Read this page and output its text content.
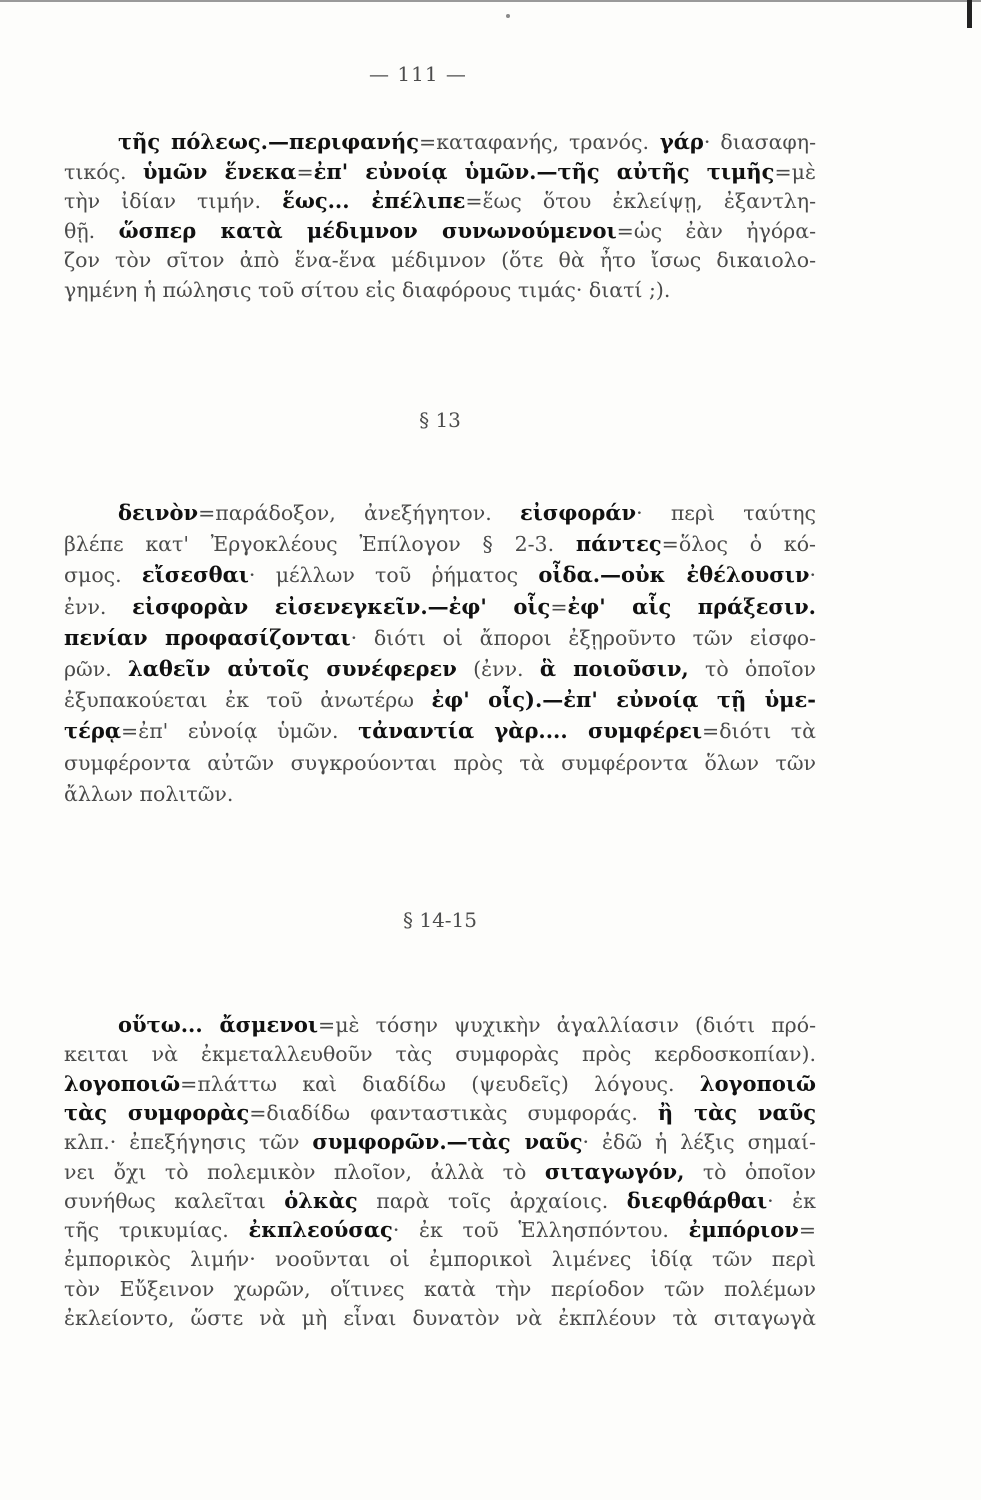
— 111 —
τῆς πόλεως.—περιφανής=καταφανής, τρανός. γάρ· διασαφη-
τικός. ὑμῶν ἕνεκα=ἐπ' εὐνοίᾳ ὑμῶν.—τῆς αὐτῆς τιμῆς=μὲ
τὴν ἰδίαν τιμήν. ἕως... ἐπέλιπε=ἕως ὅτου ἐκλείψῃ, ἐξαντλη-
θῇ. ὥσπερ κατὰ μέδιμνον συνωνούμενοι=ὡς ἐὰν ἠγόρα-
ζον τὸν σῖτον ἀπὸ ἕνα-ἕνα μέδιμνον (ὅτε θὰ ἦτο ἴσως δικαιολο-
γημένη ἡ πώλησις τοῦ σίτου εἰς διαφόρους τιμάς· διατί ;).
§ 13
δεινὸν=παράδοξον, ἀνεξήγητον. εἰσφοράν· περὶ ταύτης
βλέπε κατ' Ἐργοκλέους Ἐπίλογον § 2-3. πάντες=ὅλος ὁ κό-
σμος. εἴσεσθαι· μέλλων τοῦ ῥήματος οἶδα.—οὐκ ἐθέλουσιν·
ἐνν. εἰσφορὰν εἰσενεγκεῖν.—ἐφ' οἷς=ἐφ' αἷς πράξεσιν.
πενίαν προφασίζονται· διότι οἱ ἄποροι ἐξῃροῦντο τῶν εἰσφο-
ρῶν. λαθεῖν αὐτοῖς συνέφερεν (ἐνν. ἃ ποιοῦσιν, τὸ ὁποῖον
ἐξυπακούεται ἐκ τοῦ ἀνωτέρω ἐφ' οἷς).—ἐπ' εὐνοίᾳ τῇ ὑμε-
τέρᾳ=ἐπ' εὐνοίᾳ ὑμῶν. τἀναντία γὰρ.... συμφέρει=διότι τὰ
συμφέροντα αὐτῶν συγκρούονται πρὸς τὰ συμφέροντα ὅλων τῶν
ἄλλων πολιτῶν.
§ 14-15
οὕτω... ἄσμενοι=μὲ τόσην ψυχικὴν ἀγαλλίασιν (διότι πρό-
κειται νὰ ἐκμεταλλευθοῦν τὰς συμφορὰς πρὸς κερδοσκοπίαν).
λογοποιῶ=πλάττω καὶ διαδίδω (ψευδεῖς) λόγους. λογοποιῶ
τὰς συμφορὰς=διαδίδω φανταστικὰς συμφοράς. ἢ τὰς ναῦς
κλπ.· ἐπεξήγησις τῶν συμφορῶν.—τὰς ναῦς· ἐδῶ ἡ λέξις σημαί-
νει ὄχι τὸ πολεμικὸν πλοῖον, ἀλλὰ τὸ σιταγωγόν, τὸ ὁποῖον
συνήθως καλεῖται ὁλκὰς παρὰ τοῖς ἀρχαίοις. διεφθάρθαι· ἐκ
τῆς τρικυμίας. ἐκπλεούσας· ἐκ τοῦ Ἑλλησπόντου. ἐμπόριον=
ἐμπορικὸς λιμήν· νοοῦνται οἱ ἐμπορικοὶ λιμένες ἰδίᾳ τῶν περὶ
τὸν Εὔξεινον χωρῶν, οἵτινες κατὰ τὴν περίοδον τῶν πολέμων
ἐκλείοντο, ὥστε νὰ μὴ εἶναι δυνατὸν νὰ ἐκπλέουν τὰ σιταγωγὰ
